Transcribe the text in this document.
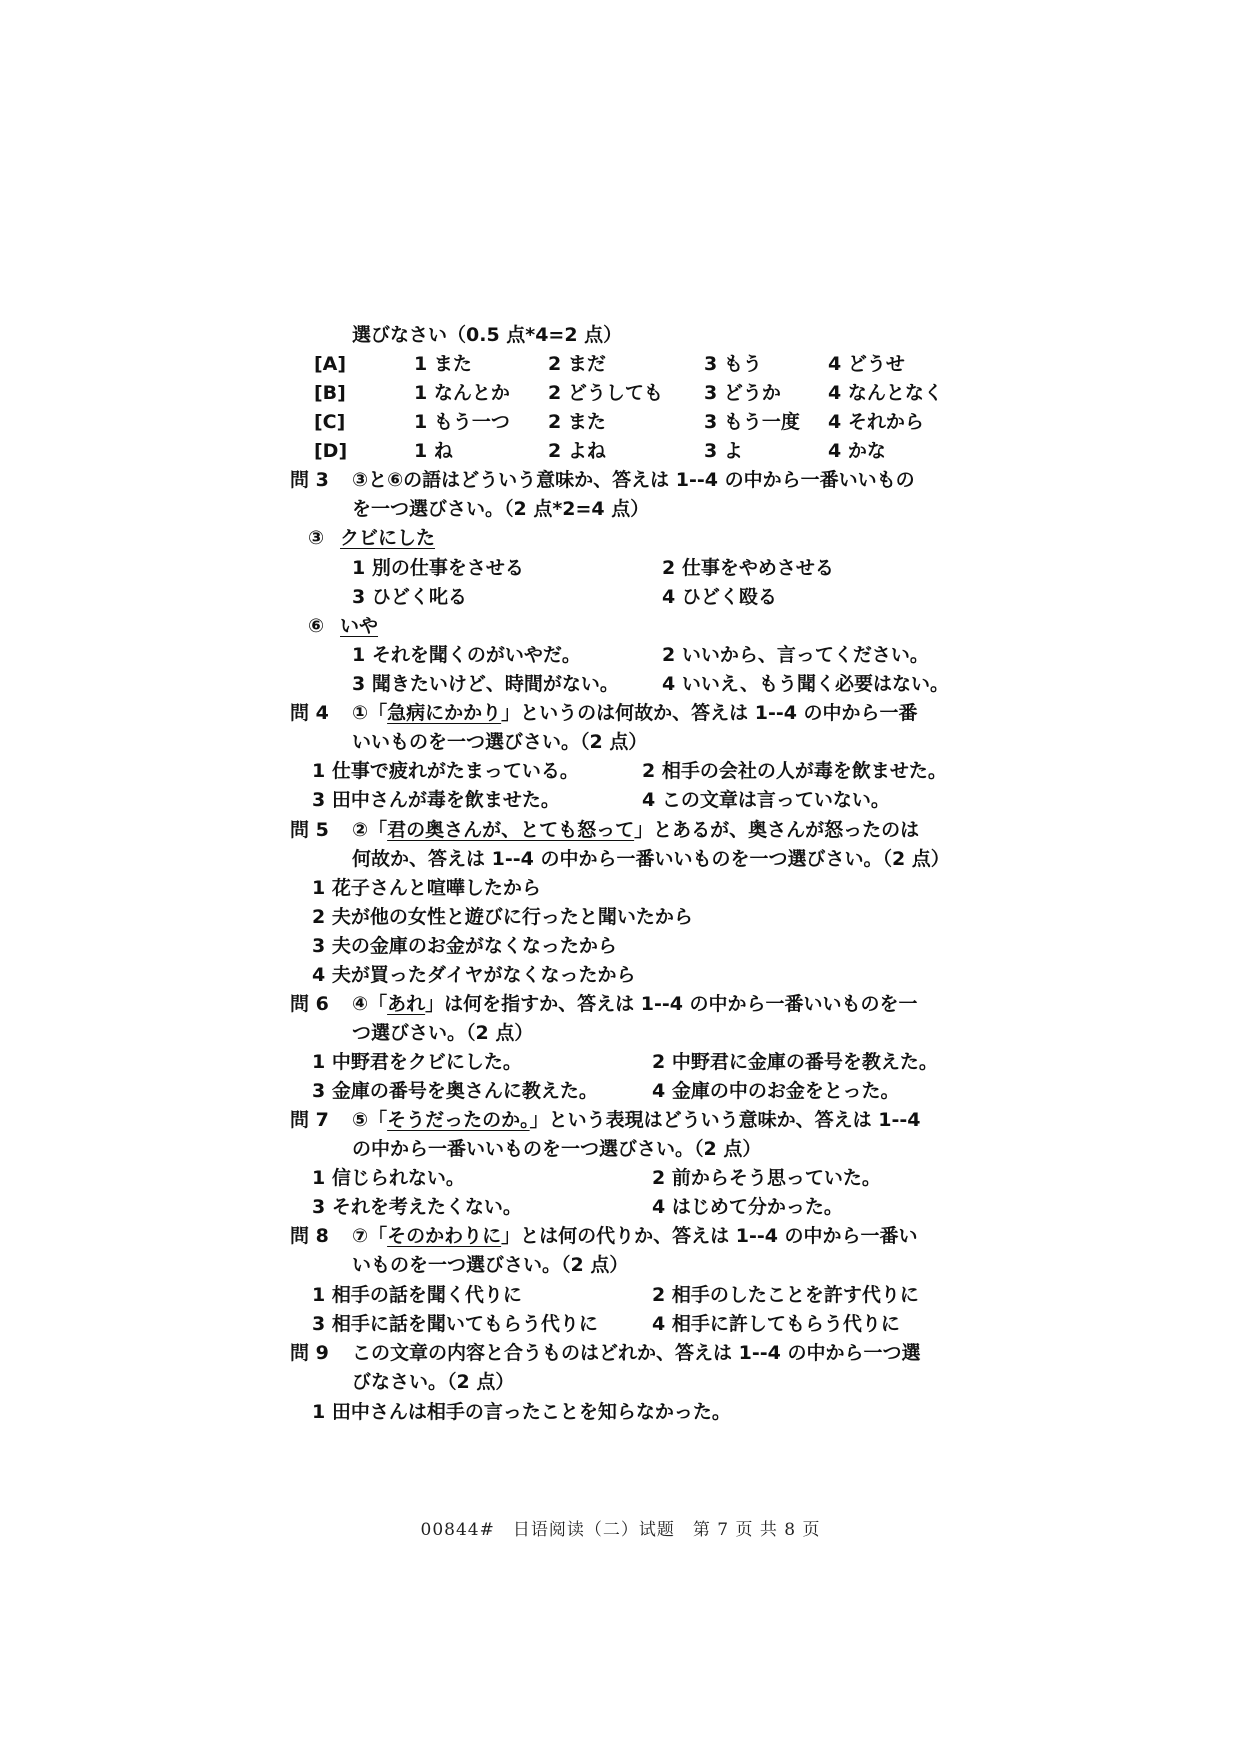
選びなさい（0.5 点*4=2 点）
[A]	1 また	2 まだ	3 もう	4 どうせ
[B]	1 なんとか 2 どうしても 3 どうか 4 なんとなく
[C]	1 もう一つ 2 また	3 もう一度 4 それから
[D]	1 ね	2 よね	3 よ	4 かな
問 3 ③と⑥の語はどういう意味か、答えは 1--4 の中から一番いいもの
を一つ選びさい。（2 点*2=4 点）
③ クビにした
1 別の仕事をさせる	2 仕事をやめさせる
3 ひどく叱る	4 ひどく殴る
⑥ いや
1 それを聞くのがいやだ。	2 いいから、言ってください。
3 聞きたいけど、時間がない。 4 いいえ、もう聞く必要はない。
問 4 ①「急病にかかり」というのは何故か、答えは 1--4 の中から一番
いいものを一つ選びさい。（2 点）
1 仕事で疲れがたまっている。	2 相手の会社の人が毒を飲ませた。
3 田中さんが毒を飲ませた。	4 この文章は言っていない。
問 5 ②「君の奥さんが、とても怒って」とあるが、奥さんが怒ったのは
何故か、答えは 1--4 の中から一番いいものを一つ選びさい。（2 点）
1 花子さんと喧嘩したから
2 夫が他の女性と遊びに行ったと聞いたから
3 夫の金庫のお金がなくなったから
4 夫が買ったダイヤがなくなったから
問 6 ④「あれ」は何を指すか、答えは 1--4 の中から一番いいものを一
つ選びさい。（2 点）
1 中野君をクビにした。	2 中野君に金庫の番号を教えた。
3 金庫の番号を奥さんに教えた。	4 金庫の中のお金をとった。
問 7 ⑤「そうだったのか。」という表現はどういう意味か、答えは 1--4
の中から一番いいものを一つ選びさい。（2 点）
1 信じられない。	2 前からそう思っていた。
3 それを考えたくない。	4 はじめて分かった。
問 8 ⑦「そのかわりに」とは何の代りか、答えは 1--4 の中から一番い
いものを一つ選びさい。（2 点）
1 相手の話を聞く代りに	2 相手のしたことを許す代りに
3 相手に話を聞いてもらう代りに	4 相手に許してもらう代りに
問 9 この文章の内容と合うものはどれか、答えは 1--4 の中から一つ選
びなさい。（2 点）
1 田中さんは相手の言ったことを知らなかった。
00844#　日语阅读（二）试题　第 7 页 共 8 页
